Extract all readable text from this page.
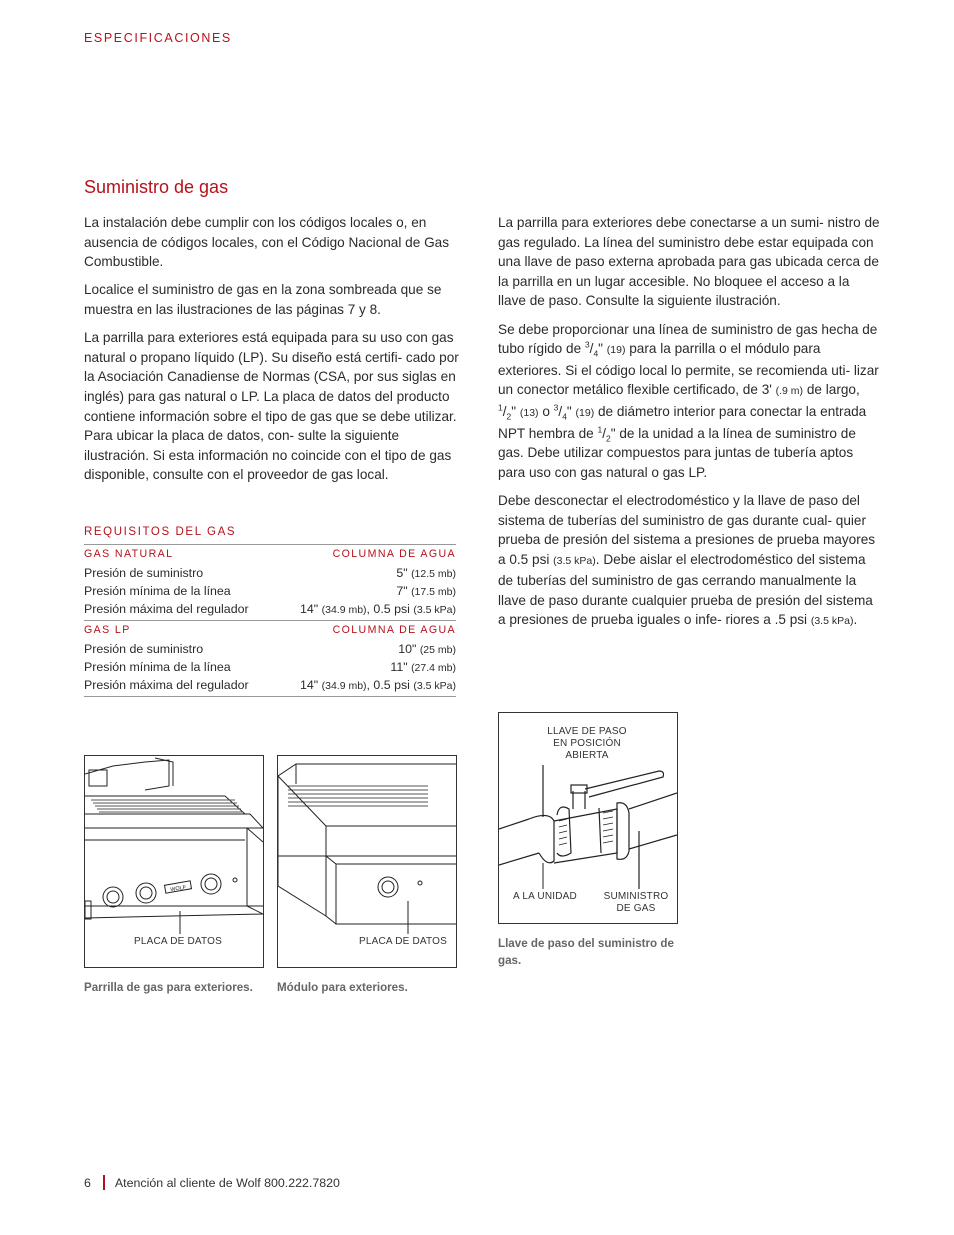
ESPECIFICACIONES
Suministro de gas

La instalación debe cumplir con los códigos locales o, en ausencia de códigos locales, con el Código Nacional de Gas Combustible.

Localice el suministro de gas en la zona sombreada que se muestra en las ilustraciones de las páginas 7 y 8.

La parrilla para exteriores está equipada para su uso con gas natural o propano líquido (LP). Su diseño está certifi- cado por la Asociación Canadiense de Normas (CSA, por sus siglas en inglés) para gas natural o LP. La placa de datos del producto contiene información sobre el tipo de gas que se debe utilizar. Para ubicar la placa de datos, con- sulte la siguiente ilustración. Si esta información no coincide con el tipo de gas disponible, consulte con el proveedor de gas local.

La parrilla para exteriores debe conectarse a un sumi- nistro de gas regulado. La línea del suministro debe estar equipada con una llave de paso externa aprobada para gas ubicada cerca de la parrilla en un lugar accesible. No bloquee el acceso a la llave de paso. Consulte la siguiente ilustración.

Se debe proporcionar una línea de suministro de gas hecha de tubo rígido de $^3/_4$" (19) para la parrilla o el módulo para exteriores. Si el código local lo permite, se recomienda uti- lizar un conector metálico flexible certificado, de 3' (.9 m) de largo, $^1/_2$" (13) o $^3/_4$" (19) de diámetro interior para conectar la entrada NPT hembra de $^1/_2$" de la unidad a la línea de suministro de gas. Debe utilizar compuestos para juntas de tubería aptos para uso con gas natural o gas LP.

Debe desconectar el electrodoméstico y la llave de paso del sistema de tuberías del suministro de gas durante cual- quier prueba de presión del sistema a presiones de prueba mayores a 0.5 psi (3.5 kPa). Debe aislar el electrodoméstico del sistema de tuberías del suministro de gas cerrando manualmente la llave de paso durante cualquier prueba de presión del sistema a presiones de prueba iguales o infe- riores a .5 psi (3.5 kPa).

REQUISITOS DEL GAS
GAS NATURAL	COLUMNA DE AGUA
Presión de suministro	5" (12.5 mb)
Presión mínima de la línea	7" (17.5 mb)
Presión máxima del regulador	14" (34.9 mb), 0.5 psi (3.5 kPa)
GAS LP	COLUMNA DE AGUA
Presión de suministro	10" (25 mb)
Presión mínima de la línea	11" (27.4 mb)
Presión máxima del regulador	14" (34.9 mb), 0.5 psi (3.5 kPa)
WOLF
PLACA DE DATOS	PLACA DE DATOS
LLAVE DE PASO EN POSICIÓN ABIERTA
A LA UNIDAD	SUMINISTRO DE GAS
Parrilla de gas para exteriores.	Módulo para exteriores.
Llave de paso del suministro de gas.
6 Atención al cliente de Wolf 800.222.7820
